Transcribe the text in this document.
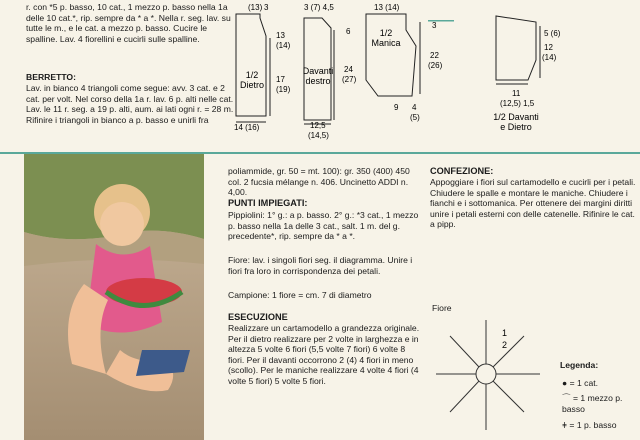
r. con *5 p. basso, 10 cat., 1 mezzo p. basso nella 1a delle 10 cat.*, rip. sempre da * a *. Nella r. seg. lav. su tutte le m., e le cat. a mezzo p. basso. Cucire le spalline. Lav. 4 fiorellini e cucirli sulle spalline.
BERRETTO:
Lav. in bianco 4 triangoli come segue: avv. 3 cat. e 2 cat. per volt. Nel corso della 1a r. lav. 6 p. alti nelle cat. Lav. le 11 r. seg. a 19 p. alti, aum. ai lati ogni r. = 28 m. Rifinire i triangoli in bianco a p. basso e unirli fra
1/2
Dietro
(13) 3
13
(14)
17
(19)
14 (16)
Davanti
destro
3 (7) 4,5
6
24
(27)
12,5
(14,5)
1/2
Manica
13 (14)
22
(26)
9 4
(5)
3
5 (6)
12
(14)
11
(12,5) 1,5
1/2 Davanti
e Dietro
poliammide, gr. 50 = mt. 100): gr. 350 (400) 450 col. 2 fucsia mélange n. 406. Uncinetto ADDI n. 4,00.
PUNTI IMPIEGATI:
Pippiolini: 1° g.: a p. basso. 2° g.: *3 cat., 1 mezzo p. basso nella 1a delle 3 cat., salt. 1 m. del g. precedente*, rip. sempre da * a *.
Fiore: lav. i singoli fiori seg. il diagramma. Unire i fiori fra loro in corrispondenza dei petali.
Campione: 1 fiore = cm. 7 di diametro
ESECUZIONE
Realizzare un cartamodello a grandezza originale. Per il dietro realizzare per 2 volte in larghezza e in altezza 5 volte 6 fiori (5,5 volte 7 fiori) 6 volte 8 fiori. Per il davanti occorrono 2 (4) 4 fiori in meno (scollo). Per le maniche realizzare 4 volte 4 fiori (4 volte 5 fiori) 5 volte 5 fiori.
CONFEZIONE:
Appoggiare i fiori sul cartamodello e cucirli per i petali. Chiudere le spalle e montare le maniche. Chiudere i fianchi e i sottomanica. Per ottenere dei margini diritti unire i petali esterni con delle catenelle. Rifinire le cat. a pipp.
Fiore
1
2
Legenda:
● = 1 cat.
⌒ = 1 mezzo p. basso
ǂ = 1 p. basso
